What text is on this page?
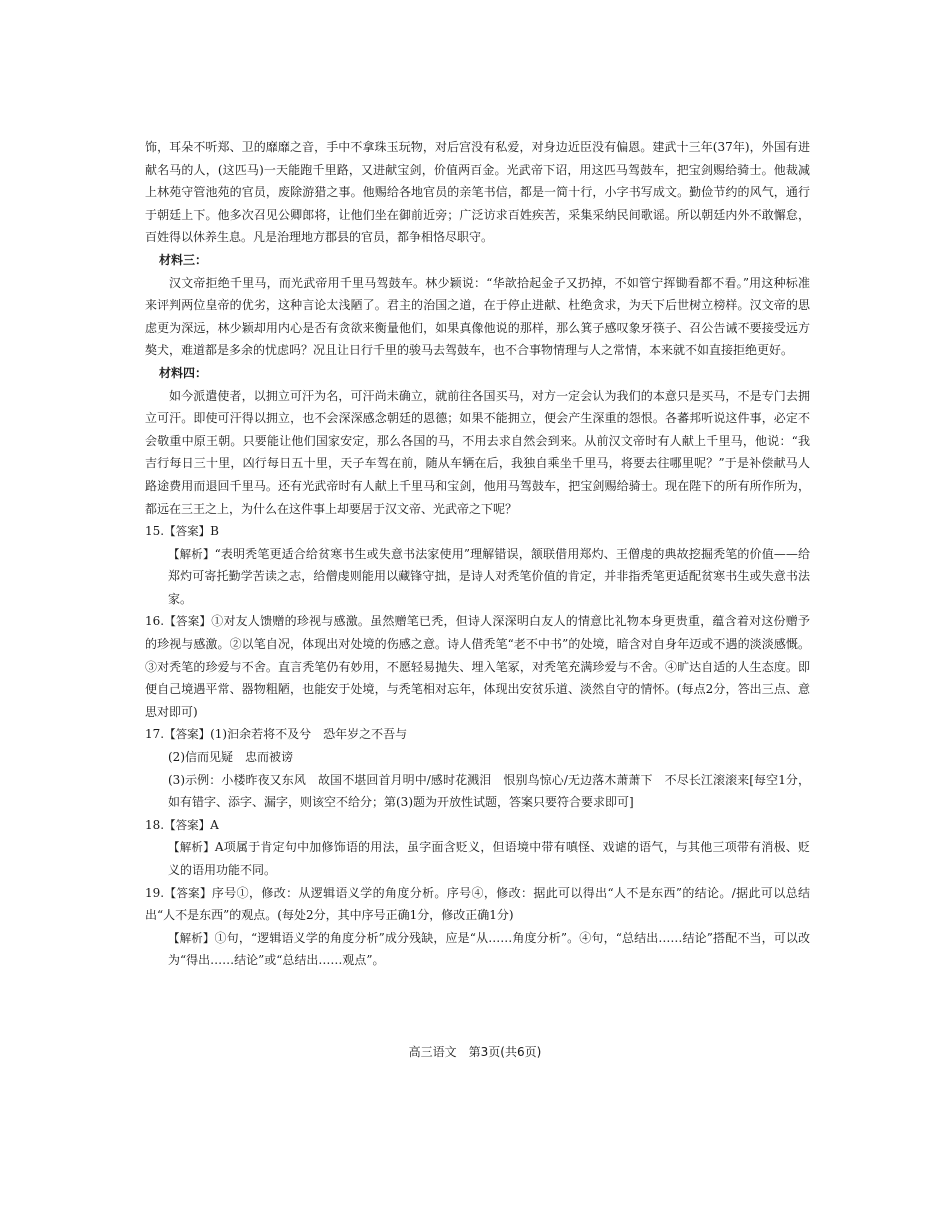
饰，耳朵不听郑、卫的靡靡之音，手中不拿珠玉玩物，对后宫没有私爱，对身边近臣没有偏恩。建武十三年(37年)，外国有进献名马的人，(这匹马)一天能跑千里路，又进献宝剑，价值两百金。光武帝下诏，用这匹马驾鼓车，把宝剑赐给骑士。他裁减上林苑守管池苑的官员，废除游猎之事。他赐给各地官员的亲笔书信，都是一简十行，小字书写成文。勤俭节约的风气，通行于朝廷上下。他多次召见公卿郎将，让他们坐在御前近旁；广泛访求百姓疾苦，采集采纳民间歌谣。所以朝廷内外不敢懈怠，百姓得以休养生息。凡是治理地方郡县的官员，都争相恪尽职守。

材料三：

汉文帝拒绝千里马，而光武帝用千里马驾鼓车。林少颖说：“华歆拾起金子又扔掉，不如管宁挥锄看都不看。”用这种标准来评判两位皇帝的优劣，这种言论太浅陋了。君主的治国之道，在于停止进献、杜绝贪求，为天下后世树立榜样。汉文帝的思虑更为深远，林少颖却用内心是否有贪欲来衡量他们，如果真像他说的那样，那么箕子感叹象牙筷子、召公告诫不要接受远方獒犬，难道都是多余的忧虑吗？况且让日行千里的骏马去驾鼓车，也不合事物情理与人之常情，本来就不如直接拒绝更好。

材料四：

如今派遣使者，以拥立可汗为名，可汗尚未确立，就前往各国买马，对方一定会认为我们的本意只是买马，不是专门去拥立可汗。即使可汗得以拥立，也不会深深感念朝廷的恩德；如果不能拥立，便会产生深重的怨恨。各蕃邦听说这件事，必定不会敬重中原王朝。只要能让他们国家安定，那么各国的马，不用去求自然会到来。从前汉文帝时有人献上千里马，他说：“我吉行每日三十里，凶行每日五十里，天子车驾在前，随从车辆在后，我独自乘坐千里马，将要去往哪里呢？”于是补偿献马人路途费用而退回千里马。还有光武帝时有人献上千里马和宝剑，他用马驾鼓车，把宝剑赐给骑士。现在陛下的所有所作所为，都远在三王之上，为什么在这件事上却要居于汉文帝、光武帝之下呢？

15.【答案】B

【解析】“表明秃笔更适合给贫寒书生或失意书法家使用”理解错误，颔联借用郑灼、王僧虔的典故挖掘秃笔的价值——给郑灼可寄托勤学苦读之志，给僧虔则能用以藏锋守拙，是诗人对秃笔价值的肯定，并非指秃笔更适配贫寒书生或失意书法家。

16.【答案】①对友人馈赠的珍视与感激。虽然赠笔已秃，但诗人深深明白友人的情意比礼物本身更贵重，蕴含着对这份赠予的珍视与感激。②以笔自况，体现出对处境的伤感之意。诗人借秃笔“老不中书”的处境，暗含对自身年迈或不遇的淡淡感慨。③对秃笔的珍爱与不舍。直言秃笔仍有妙用，不愿轻易抛失、埋入笔冢，对秃笔充满珍爱与不舍。④旷达自适的人生态度。即便自己境遇平常、器物粗陋，也能安于处境，与秃笔相对忘年，体现出安贫乐道、淡然自守的情怀。(每点2分，答出三点、意思对即可)

17.【答案】(1)汩余若将不及兮　恐年岁之不吾与

(2)信而见疑　忠而被谤

(3)示例：小楼昨夜又东风　故国不堪回首月明中/感时花溅泪　恨别鸟惊心/无边落木萧萧下　不尽长江滚滚来[每空1分，如有错字、添字、漏字，则该空不给分；第(3)题为开放性试题，答案只要符合要求即可]

18.【答案】A

【解析】A项属于肯定句中加修饰语的用法，虽字面含贬义，但语境中带有嗔怪、戏谑的语气，与其他三项带有消极、贬义的语用功能不同。

19.【答案】序号①，修改：从逻辑语义学的角度分析。序号④，修改：据此可以得出“人不是东西”的结论。/据此可以总结出“人不是东西”的观点。(每处2分，其中序号正确1分，修改正确1分)

【解析】①句，“逻辑语义学的角度分析”成分残缺，应是“从……角度分析”。④句，“总结出……结论”搭配不当，可以改为“得出……结论”或“总结出……观点”。

高三语文　第3页(共6页)
